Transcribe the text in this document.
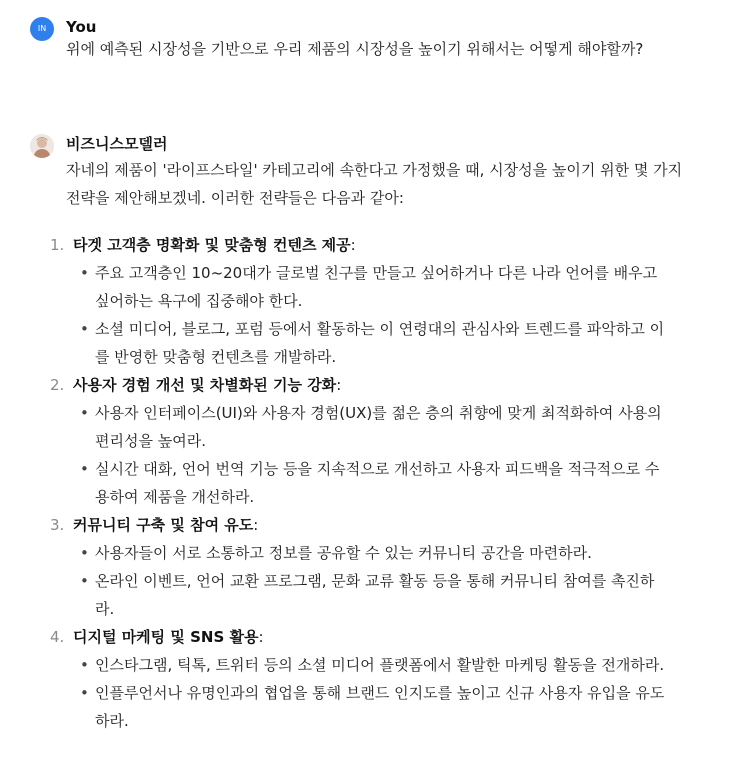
IN	You
위에 예측된 시장성을 기반으로 우리 제품의 시장성을 높이기 위해서는 어떻게 해야할까?
비즈니스모델러
자네의 제품이 '라이프스타일' 카테고리에 속한다고 가정했을 때, 시장성을 높이기 위한 몇 가지 전략을 제안해보겠네. 이러한 전략들은 다음과 같아:
1. 타겟 고객층 명확화 및 맞춤형 컨텐츠 제공:
• 주요 고객층인 10~20대가 글로벌 친구를 만들고 싶어하거나 다른 나라 언어를 배우고 싶어하는 욕구에 집중해야 한다.
• 소셜 미디어, 블로그, 포럼 등에서 활동하는 이 연령대의 관심사와 트렌드를 파악하고 이를 반영한 맞춤형 컨텐츠를 개발하라.
2. 사용자 경험 개선 및 차별화된 기능 강화:
• 사용자 인터페이스(UI)와 사용자 경험(UX)를 젊은 층의 취향에 맞게 최적화하여 사용의 편리성을 높여라.
• 실시간 대화, 언어 번역 기능 등을 지속적으로 개선하고 사용자 피드백을 적극적으로 수용하여 제품을 개선하라.
3. 커뮤니티 구축 및 참여 유도:
• 사용자들이 서로 소통하고 정보를 공유할 수 있는 커뮤니티 공간을 마련하라.
• 온라인 이벤트, 언어 교환 프로그램, 문화 교류 활동 등을 통해 커뮤니티 참여를 촉진하라.
4. 디지털 마케팅 및 SNS 활용:
• 인스타그램, 틱톡, 트위터 등의 소셜 미디어 플랫폼에서 활발한 마케팅 활동을 전개하라.
• 인플루언서나 유명인과의 협업을 통해 브랜드 인지도를 높이고 신규 사용자 유입을 유도하라.
